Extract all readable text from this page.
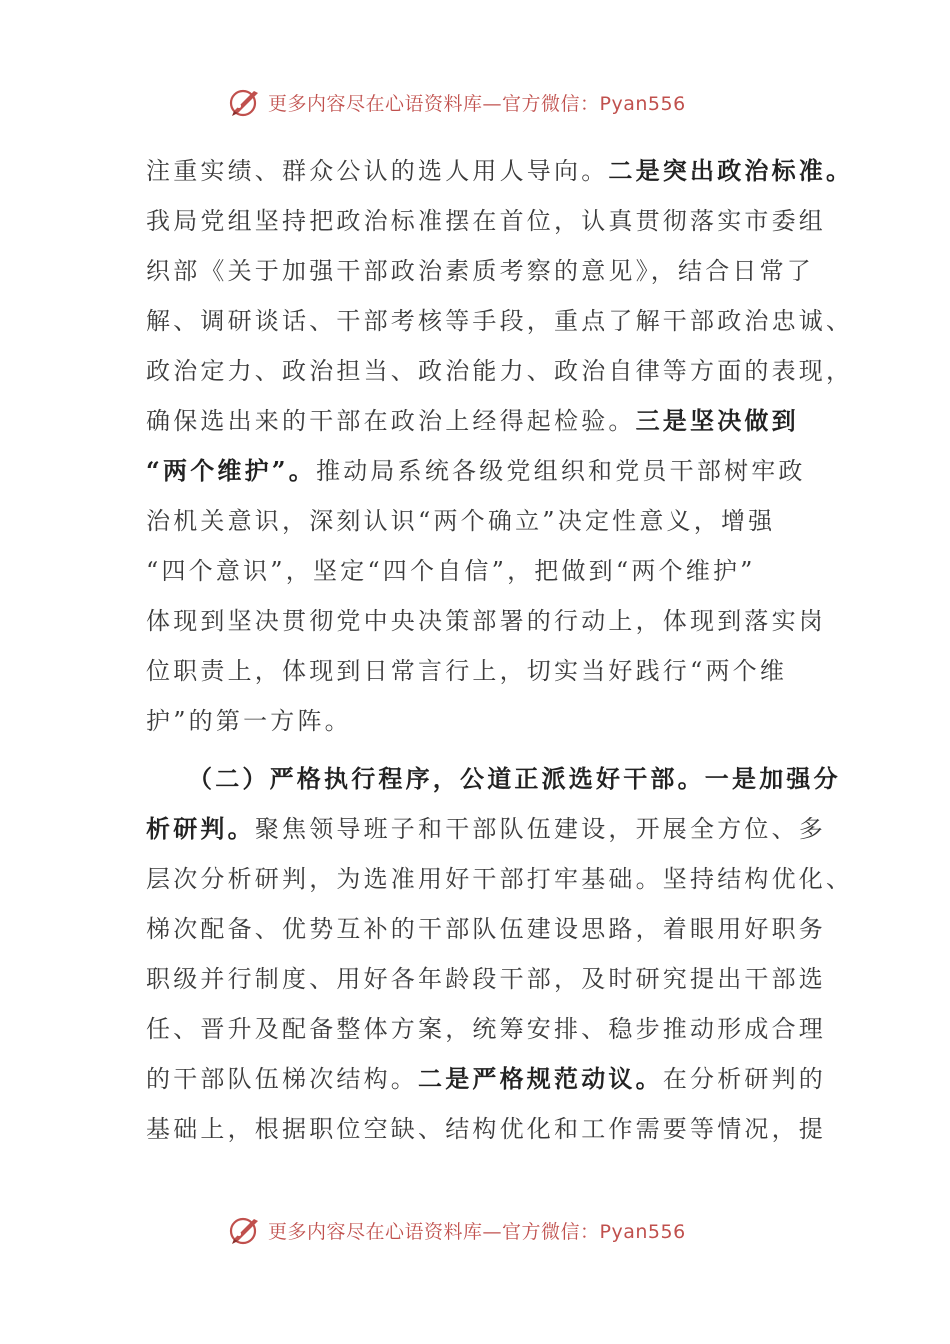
更多内容尽在心语资料库—官方微信：Pyan556
注重实绩、群众公认的选人用人导向。二是突出政治标准。
我局党组坚持把政治标准摆在首位，认真贯彻落实市委组
织部《关于加强干部政治素质考察的意见》，结合日常了
解、调研谈话、干部考核等手段，重点了解干部政治忠诚、
政治定力、政治担当、政治能力、政治自律等方面的表现，
确保选出来的干部在政治上经得起检验。三是坚决做到
“两个维护”。推动局系统各级党组织和党员干部树牢政
治机关意识，深刻认识“两个确立”决定性意义，增强
“四个意识”，坚定“四个自信”，把做到“两个维护”
体现到坚决贯彻党中央决策部署的行动上，体现到落实岗
位职责上，体现到日常言行上，切实当好践行“两个维
护”的第一方阵。
（二）严格执行程序，公道正派选好干部。一是加强分
析研判。聚焦领导班子和干部队伍建设，开展全方位、多
层次分析研判，为选准用好干部打牢基础。坚持结构优化、
梯次配备、优势互补的干部队伍建设思路，着眼用好职务
职级并行制度、用好各年龄段干部，及时研究提出干部选
任、晋升及配备整体方案，统筹安排、稳步推动形成合理
的干部队伍梯次结构。二是严格规范动议。在分析研判的
基础上，根据职位空缺、结构优化和工作需要等情况，提
更多内容尽在心语资料库—官方微信：Pyan556
